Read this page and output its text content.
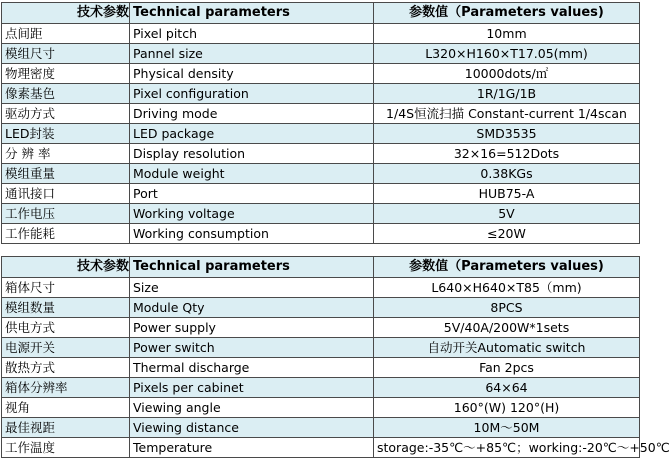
技术参数	Technical parameters	参数值（Parameters values)
点间距	Pixel pitch	10mm
模组尺寸	Pannel size	L320×H160×T17.05(mm)
物理密度	Physical density	10000dots/㎡
像素基色	Pixel configuration	1R/1G/1B
驱动方式	Driving mode	1/4S恒流扫描 Constant-current 1/4scan
LED封装	LED package	SMD3535
分 辨 率	Display resolution	32×16=512Dots
模组重量	Module weight	0.38KGs
通讯接口	Port	HUB75-A
工作电压	Working voltage	5V
工作能耗	Working consumption	≤20W
技术参数	Technical parameters	参数值（Parameters values)
箱体尺寸	Size	L640×H640×T85（mm)
模组数量	Module Qty	8PCS
供电方式	Power supply	5V/40A/200W*1sets
电源开关	Power switch	自动开关Automatic switch
散热方式	Thermal discharge	Fan 2pcs
箱体分辨率	Pixels per cabinet	64×64
视角	Viewing angle	160°(W) 120°(H)
最佳视距	Viewing distance	10M～50M
工作温度	Temperature	storage:-35℃～+85℃；working:-20℃～+50℃
